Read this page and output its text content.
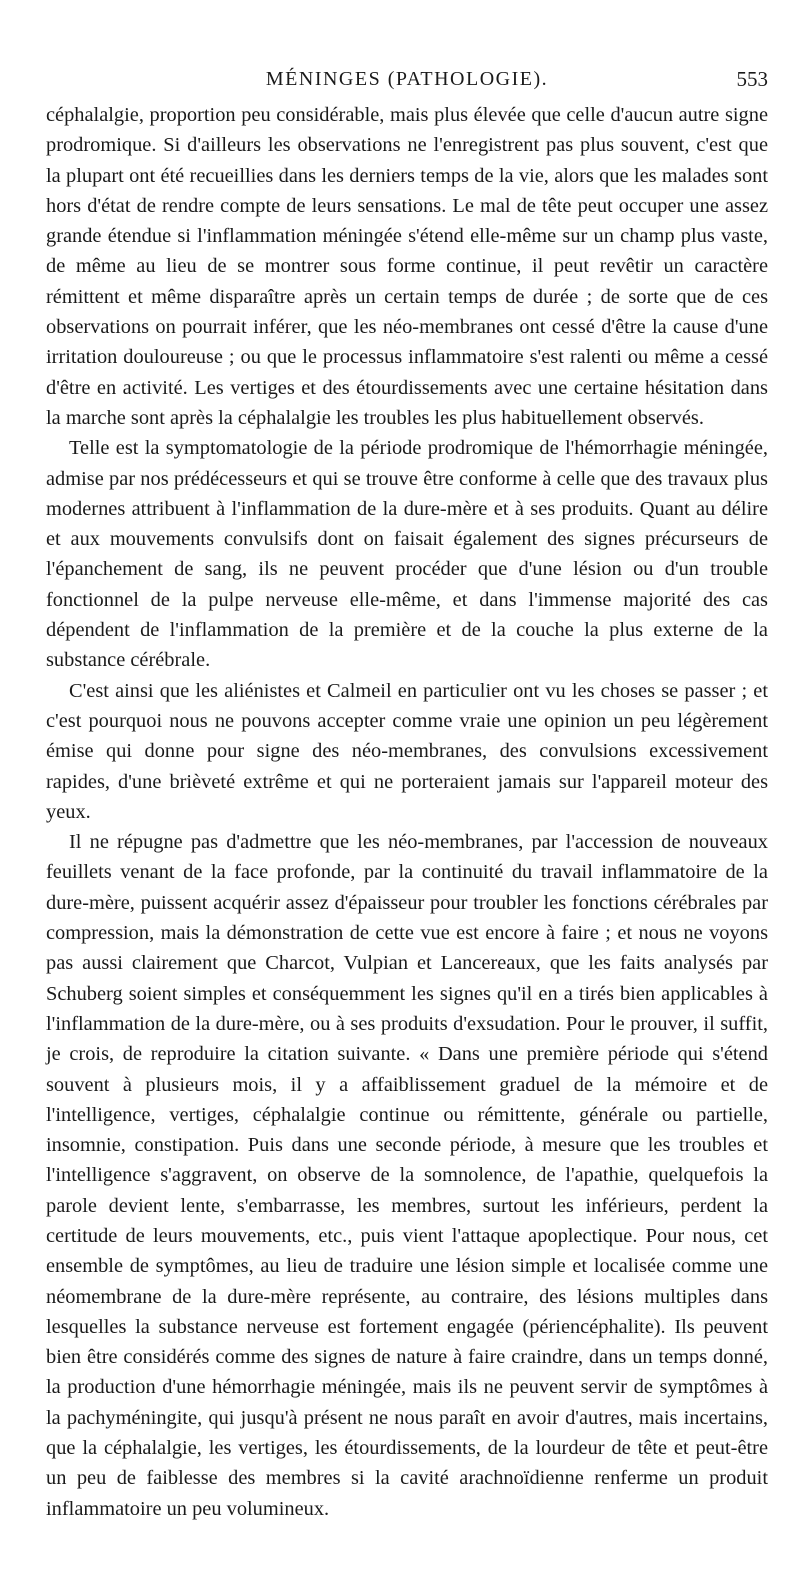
MÉNINGES (PATHOLOGIE).	553

céphalalgie, proportion peu considérable, mais plus élevée que celle d'aucun autre signe prodromique. Si d'ailleurs les observations ne l'enregistrent pas plus souvent, c'est que la plupart ont été recueillies dans les derniers temps de la vie, alors que les malades sont hors d'état de rendre compte de leurs sensations. Le mal de tête peut occuper une assez grande étendue si l'inflammation méningée s'étend elle-même sur un champ plus vaste, de même au lieu de se montrer sous forme continue, il peut revêtir un caractère rémittent et même disparaître après un certain temps de durée ; de sorte que de ces observations on pourrait inférer, que les néo-membranes ont cessé d'être la cause d'une irritation douloureuse ; ou que le processus inflammatoire s'est ralenti ou même a cessé d'être en activité. Les vertiges et des étourdissements avec une certaine hésitation dans la marche sont après la céphalalgie les troubles les plus habituellement observés.

Telle est la symptomatologie de la période prodromique de l'hémorrhagie méningée, admise par nos prédécesseurs et qui se trouve être conforme à celle que des travaux plus modernes attribuent à l'inflammation de la dure-mère et à ses produits. Quant au délire et aux mouvements convulsifs dont on faisait également des signes précurseurs de l'épanchement de sang, ils ne peuvent procéder que d'une lésion ou d'un trouble fonctionnel de la pulpe nerveuse elle-même, et dans l'immense majorité des cas dépendent de l'inflammation de la première et de la couche la plus externe de la substance cérébrale.

C'est ainsi que les aliénistes et Calmeil en particulier ont vu les choses se passer ; et c'est pourquoi nous ne pouvons accepter comme vraie une opinion un peu légèrement émise qui donne pour signe des néo-membranes, des convulsions excessivement rapides, d'une brièveté extrême et qui ne porteraient jamais sur l'appareil moteur des yeux.

Il ne répugne pas d'admettre que les néo-membranes, par l'accession de nouveaux feuillets venant de la face profonde, par la continuité du travail inflammatoire de la dure-mère, puissent acquérir assez d'épaisseur pour troubler les fonctions cérébrales par compression, mais la démonstration de cette vue est encore à faire ; et nous ne voyons pas aussi clairement que Charcot, Vulpian et Lancereaux, que les faits analysés par Schuberg soient simples et conséquemment les signes qu'il en a tirés bien applicables à l'inflammation de la dure-mère, ou à ses produits d'exsudation. Pour le prouver, il suffit, je crois, de reproduire la citation suivante. « Dans une première période qui s'étend souvent à plusieurs mois, il y a affaiblissement graduel de la mémoire et de l'intelligence, vertiges, céphalalgie continue ou rémittente, générale ou partielle, insomnie, constipation. Puis dans une seconde période, à mesure que les troubles et l'intelligence s'aggravent, on observe de la somnolence, de l'apathie, quelquefois la parole devient lente, s'embarrasse, les membres, surtout les inférieurs, perdent la certitude de leurs mouvements, etc., puis vient l'attaque apoplectique. Pour nous, cet ensemble de symptômes, au lieu de traduire une lésion simple et localisée comme une néomembrane de la dure-mère représente, au contraire, des lésions multiples dans lesquelles la substance nerveuse est fortement engagée (périencéphalite). Ils peuvent bien être considérés comme des signes de nature à faire craindre, dans un temps donné, la production d'une hémorrhagie méningée, mais ils ne peuvent servir de symptômes à la pachyméningite, qui jusqu'à présent ne nous paraît en avoir d'autres, mais incertains, que la céphalalgie, les vertiges, les étourdissements, de la lourdeur de tête et peut-être un peu de faiblesse des membres si la cavité arachnoïdienne renferme un produit inflammatoire un peu volumineux.
